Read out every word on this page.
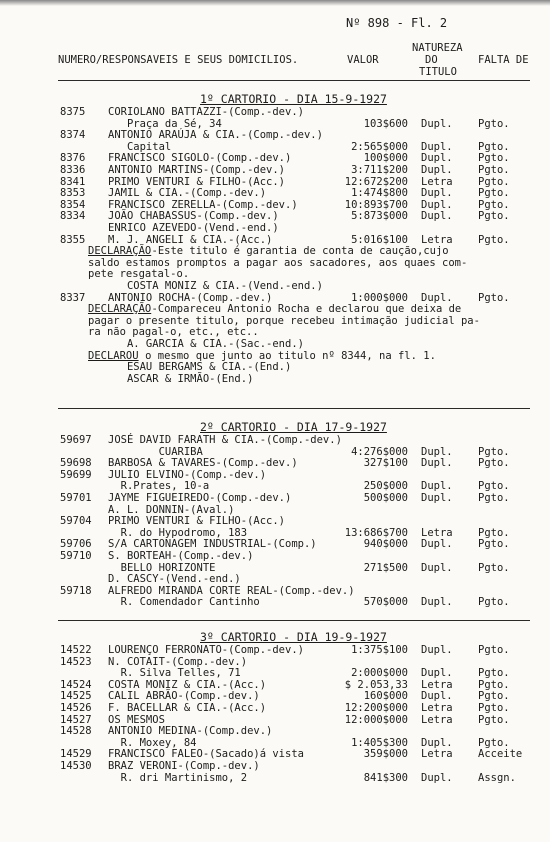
Nº 898 - Fl. 2
NUMERO/RESPONSAVEIS E SEUS DOMICILIOS.	VALOR
NATUREZA
DO
TITULO
FALTA DE
1º CARTORIO - DIA 15-9-1927
8375	CORIOLANO BATTAZZI-(Comp.-dev.)
Praça da Sé, 34	103$600 Dupl. Pgto.
8374	ANTONIO ARAÚJA & CIA.-(Comp.-dev.)
Capital	2:565$000 Dupl. Pgto.
8376	FRANCISCO SIGOLO-(Comp.-dev.)	100$000 Dupl. Pgto.
8336	ANTONIO MARTINS-(Comp.-dev.)	3:711$200 Dupl. Pgto.
8341	PRIMO VENTURI & FILHO-(Acc.)	12:672$200 Letra Pgto.
8353	JAMIL & CIA.-(Comp.-dev.)	1:474$800 Dupl. Pgto.
8354	FRANCISCO ZERELLA-(Comp.-dev.)	10:893$700 Dupl. Pgto.
8334	JOÃO CHABASSUS-(Comp.-dev.)	5:873$000 Dupl. Pgto.
ENRICO AZEVEDO-(Vend.-end.)
8355	M. J. ANGELI & CIA.-(Acc.)	5:016$100 Letra Pgto.
DECLARAÇÃO -Este titulo é garantia de conta de caução,cujo
saldo estamos promptos a pagar aos sacadores, aos quaes com-
pete resgatal-o.
COSTA MONIZ & CIA.-(Vend.-end.)
8337	ANTONIO ROCHA-(Comp.-dev.)	1:000$000 Dupl. Pgto.
DECLARAÇÃO -Compareceu Antonio Rocha e declarou que deixa de
pagar o presente titulo, porque recebeu intimação judicial pa-
ra não pagal-o, etc., etc..
A. GARCIA & CIA.-(Sac.-end.)
DECLAROU o mesmo que junto ao titulo nº 8344, na fl. 1.
ESAU BERGAMS & CIA.-(End.)
ASCAR & IRMÃO-(End.)
2º CARTORIO - DIA 17-9-1927
59697	JOSÉ DAVID FARATH & CIA.-(Comp.-dev.)
CUARIBA	4:276$000 Dupl. Pgto.
59698	BARBOSA & TAVARES-(Comp.-dev.)	327$100 Dupl. Pgto.
59699	JULIO ELVINO-(Comp.-dev.)
R.Prates, 10-a	250$000 Dupl. Pgto.
59701	JAYME FIGUEIREDO-(Comp.-dev.)	500$000 Dupl. Pgto.
A. L. DONNIN-(Aval.)
59704	PRIMO VENTURI & FILHO-(Acc.)
R. do Hypodromo, 183	13:686$700 Letra Pgto.
59706	S/A CARTONAGEM INDUSTRIAL-(Comp.)	940$000 Dupl. Pgto.
59710	S. BORTEAH-(Comp.-dev.)
BELLO HORIZONTE	271$500 Dupl. Pgto.
D. CASCY-(Vend.-end.)
59718	ALFREDO MIRANDA CORTE REAL-(Comp.-dev.)
R. Comendador Cantinho	570$000 Dupl. Pgto.
3º CARTORIO - DIA 19-9-1927
14522	LOURENÇO FERRONATO-(Comp.-dev.)	1:375$100 Dupl. Pgto.
14523	N. COTAIT-(Comp.-dev.)
R. Silva Telles, 71	2:000$000 Dupl. Pgto.
14524	COSTA MONIZ & CIA.-(Acc.)	$ 2.053,33 Letra Pgto.
14525	CALIL ABRÃO-(Comp.-dev.)	160$000 Dupl. Pgto.
14526	F. BACELLAR & CIA.-(Acc.)	12:200$000 Letra Pgto.
14527	OS MESMOS	12:000$000 Letra Pgto.
14528	ANTONIO MEDINA-(Comp.dev.)
R. Moxey, 84	1:405$300 Dupl. Pgto.
14529	FRANCISCO FALEO-(Sacado)á vista	359$000 Letra Acceite
14530	BRAZ VERONI-(Comp.-dev.)
R. dri Martinismo, 2	841$300 Dupl. Assgn.
